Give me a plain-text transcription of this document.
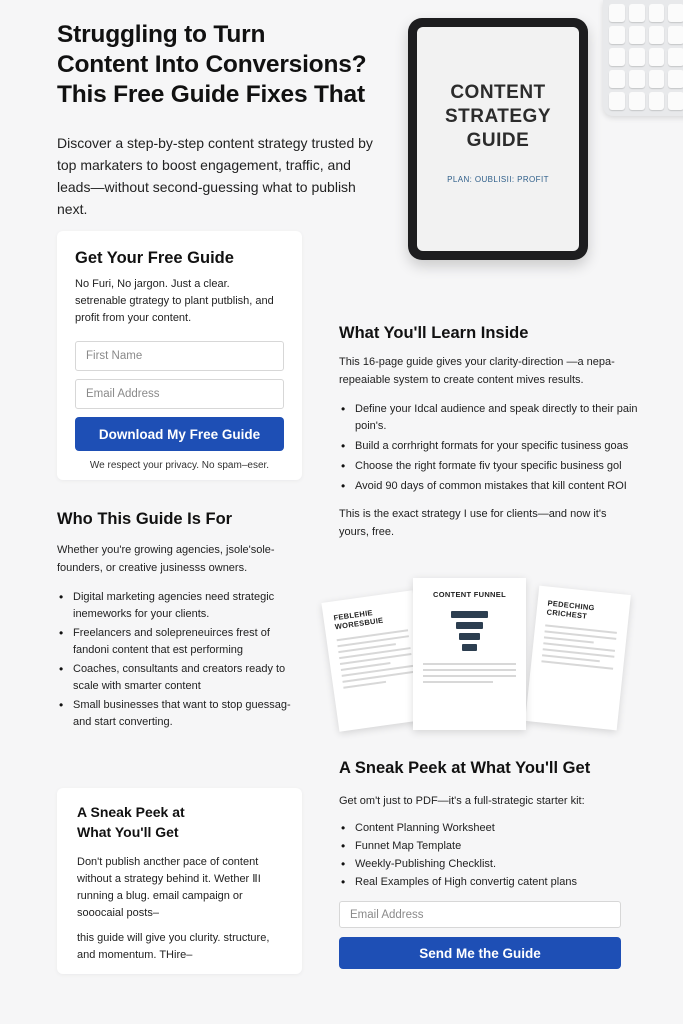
Struggling to Turn
Content Into Conversions?
This Free Guide Fixes That

Discover a step-by-step content strategy trusted by top markaters to boost engagement, traffic, and leads—without second-guessing what to publish next.

CONTENT
STRATEGY
GUIDE
PLAN: OUBLISII: PROFIT
Get Your Free Guide

No Furi, No jargon. Just a clear. setrenable gtrategy to plant putblish, and profit from your content.

First Name
Email Address
Download My Free Guide

We respect your privacy. No spam–eser.

What You'll Learn Inside

This 16-page guide gives your clarity-direction —a nepa- repeaiable system to create content mives results.

• Define your Idcal audience and speak directly to their pain poin's.
• Build a corrhright formats for your specific tusiness goas
• Choose the right formate fiv tyour specific business gol
• Avoid 90 days of common mistakes that kill content ROI

This is the exact strategy I use for clients—and now it's yours, free.

Who This Guide Is For

Whether you're growing agencies, jsole'sole- founders, or creative jusinesss owners.

• Digital marketing agencies need strategic inemeworks for your clients.
• Freelancers and solepreneuirces frest of fandoni content that est performing
• Coaches, consultants and creators ready to scale with smarter content
• Small businesses that want to stop guessag- and start converting.
FEBLEHIE WORESBUIE
CONTENT FUNNEL
PEDECHING CRICHEST
A Sneak Peek at What You'll Get

Get om't just to PDF—it's a full-strategic starter kit:

• Content Planning Worksheet
• Funnet Map Template
• Weekly-Publishing Checklist.
• Real Examples of High convertig catent plans
Email Address
Send Me the Guide
A Sneak Peek at
What You'll Get

Don't publish ancther pace of content without a strategy behind it. Wether ⅡI running a blug. email campaign or sooocaial posts–

this guide will give you clurity. structure, and momentum. THire–
